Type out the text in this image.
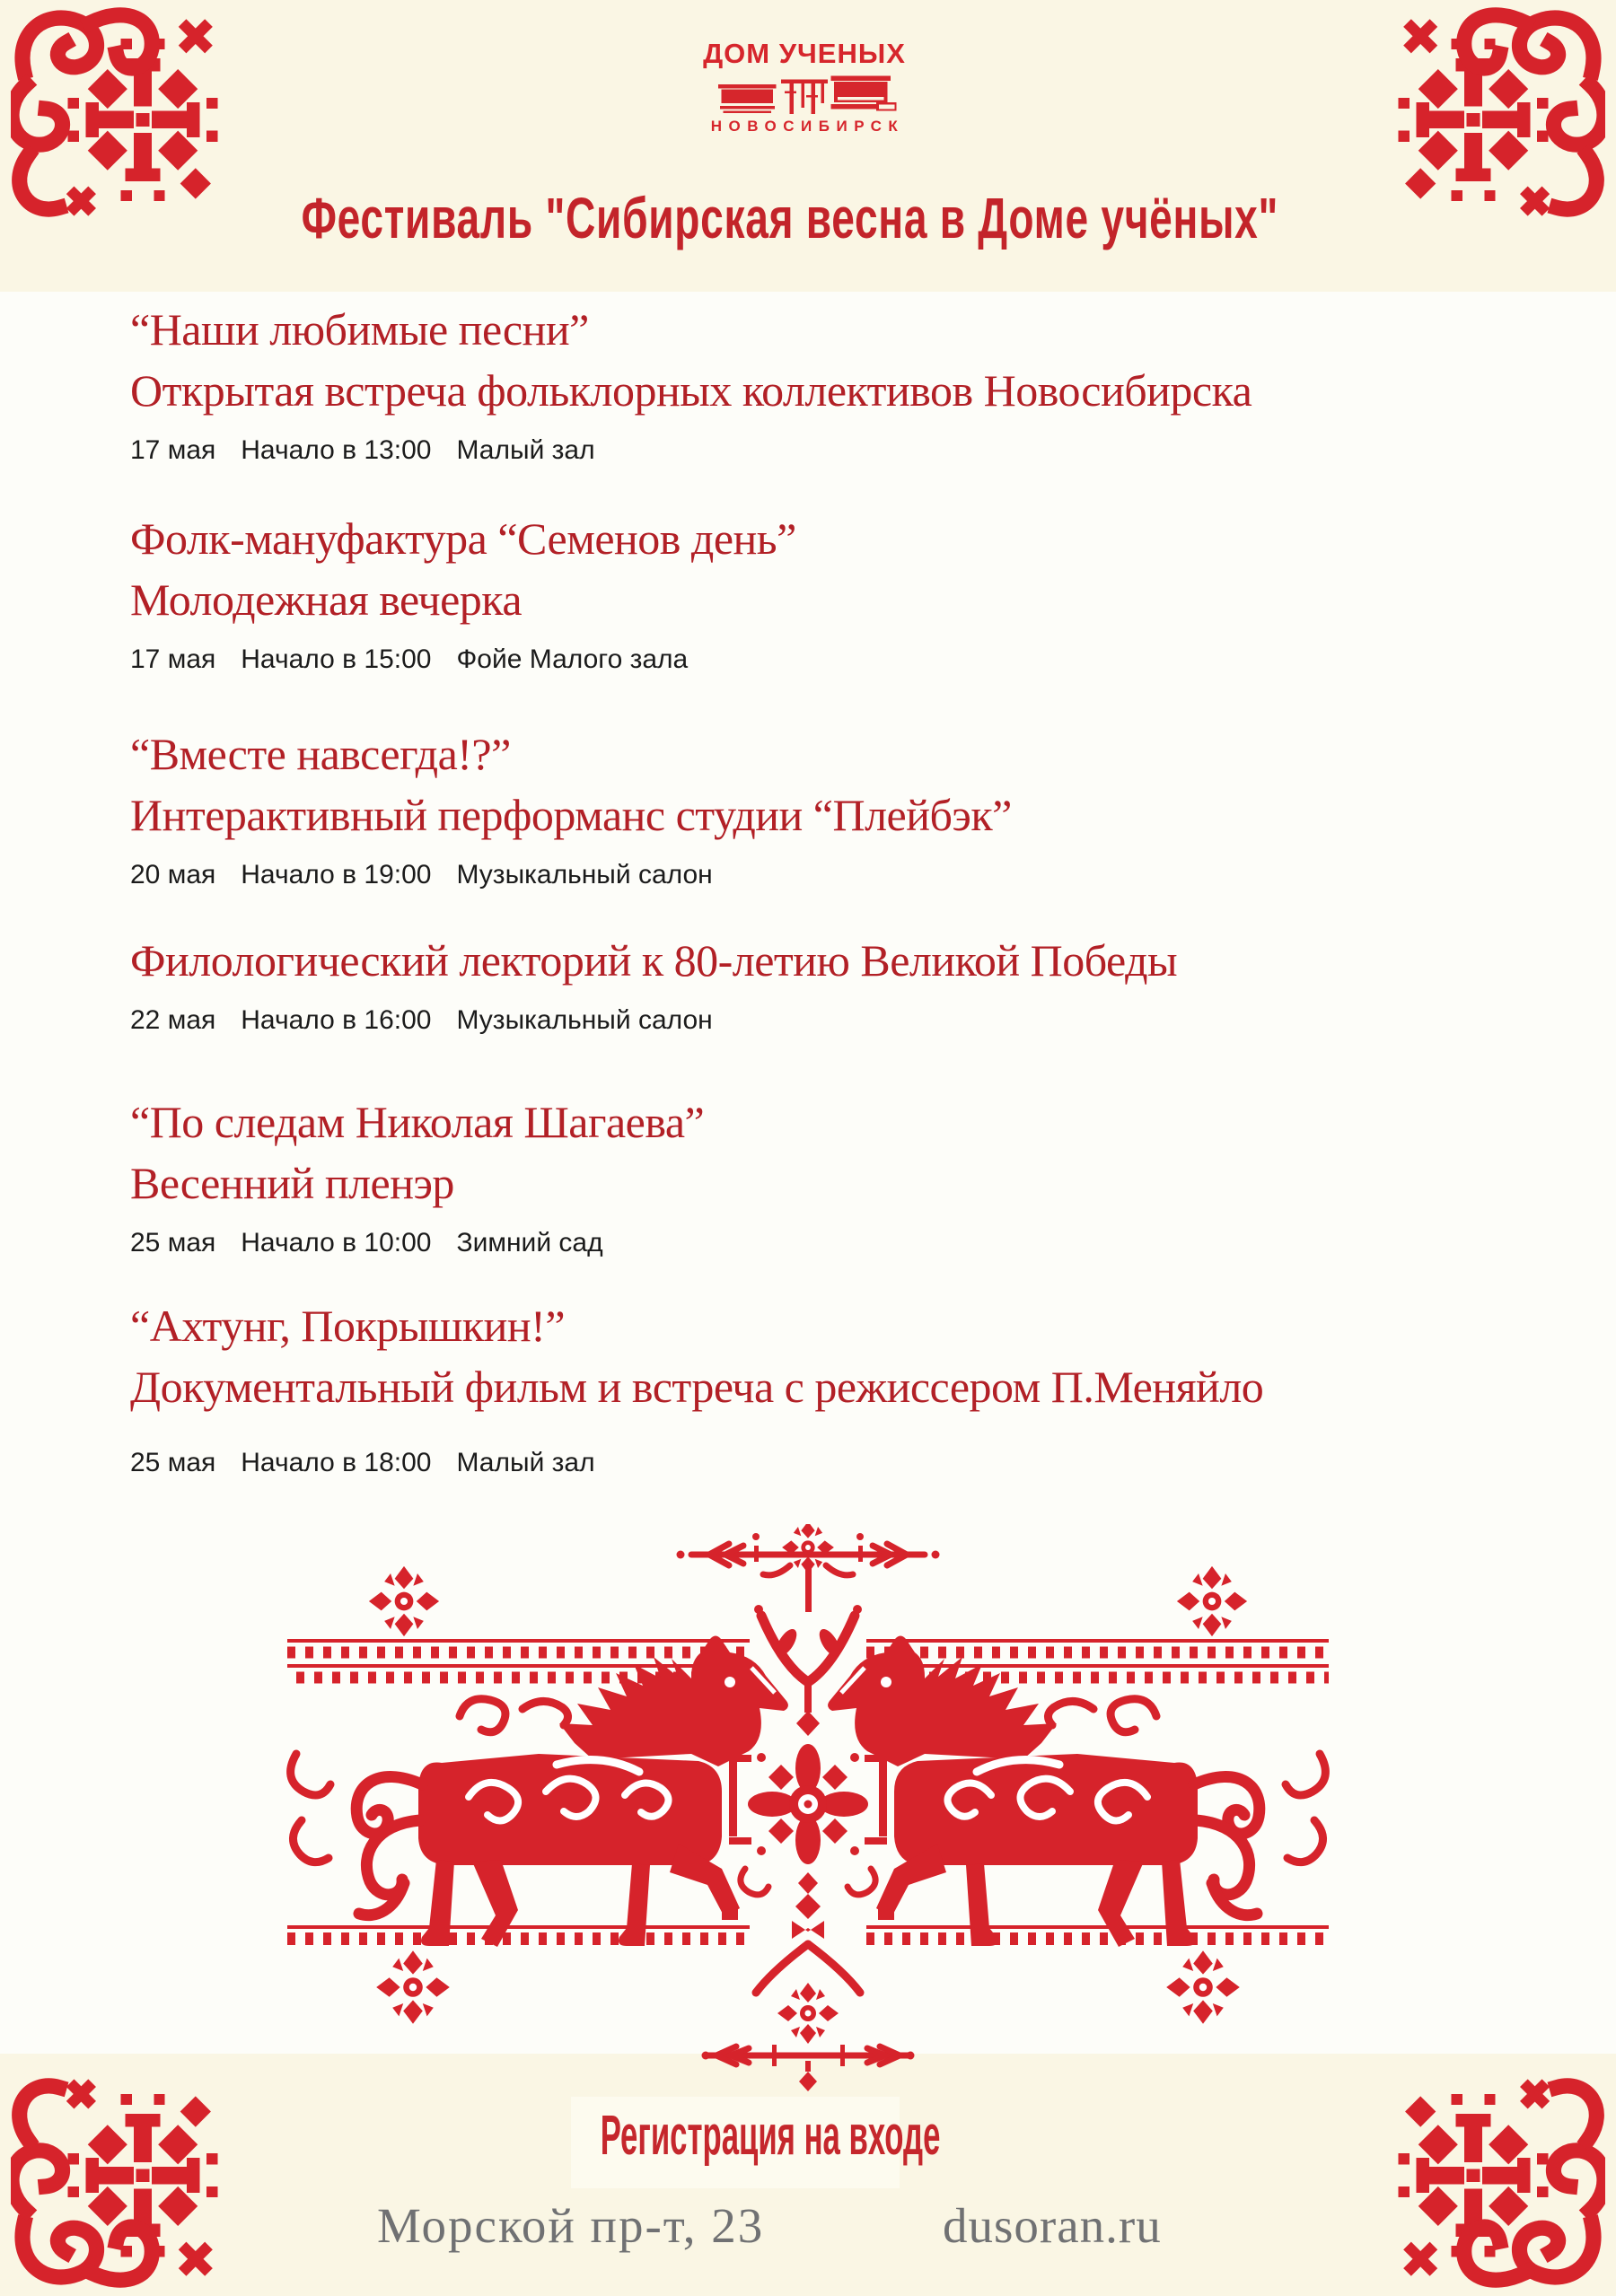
ДОМ УЧЕНЫХ
НОВОСИБИРСК
Фестиваль "Сибирская весна в Доме учёных"
“Наши любимые песни”
Открытая встреча фольклорных коллективов Новосибирска
17 мая Начало в 13:00 Малый зал
Фолк-мануфактура “Семенов день”
Молодежная вечерка
17 мая Начало в 15:00 Фойе Малого зала
“Вместе навсегда!?”
Интерактивный перформанс студии “Плейбэк”
20 мая Начало в 19:00 Музыкальный салон
Филологический лекторий к 80-летию Великой Победы
22 мая Начало в 16:00 Музыкальный салон
“По следам Николая Шагаева”
Весенний пленэр
25 мая Начало в 10:00 Зимний сад
“Ахтунг, Покрышкин!”
Документальный фильм и встреча с режиссером П.Меняйло
25 мая Начало в 18:00 Малый зал
Регистрация на входе
Морской пр-т, 23	dusoran.ru
